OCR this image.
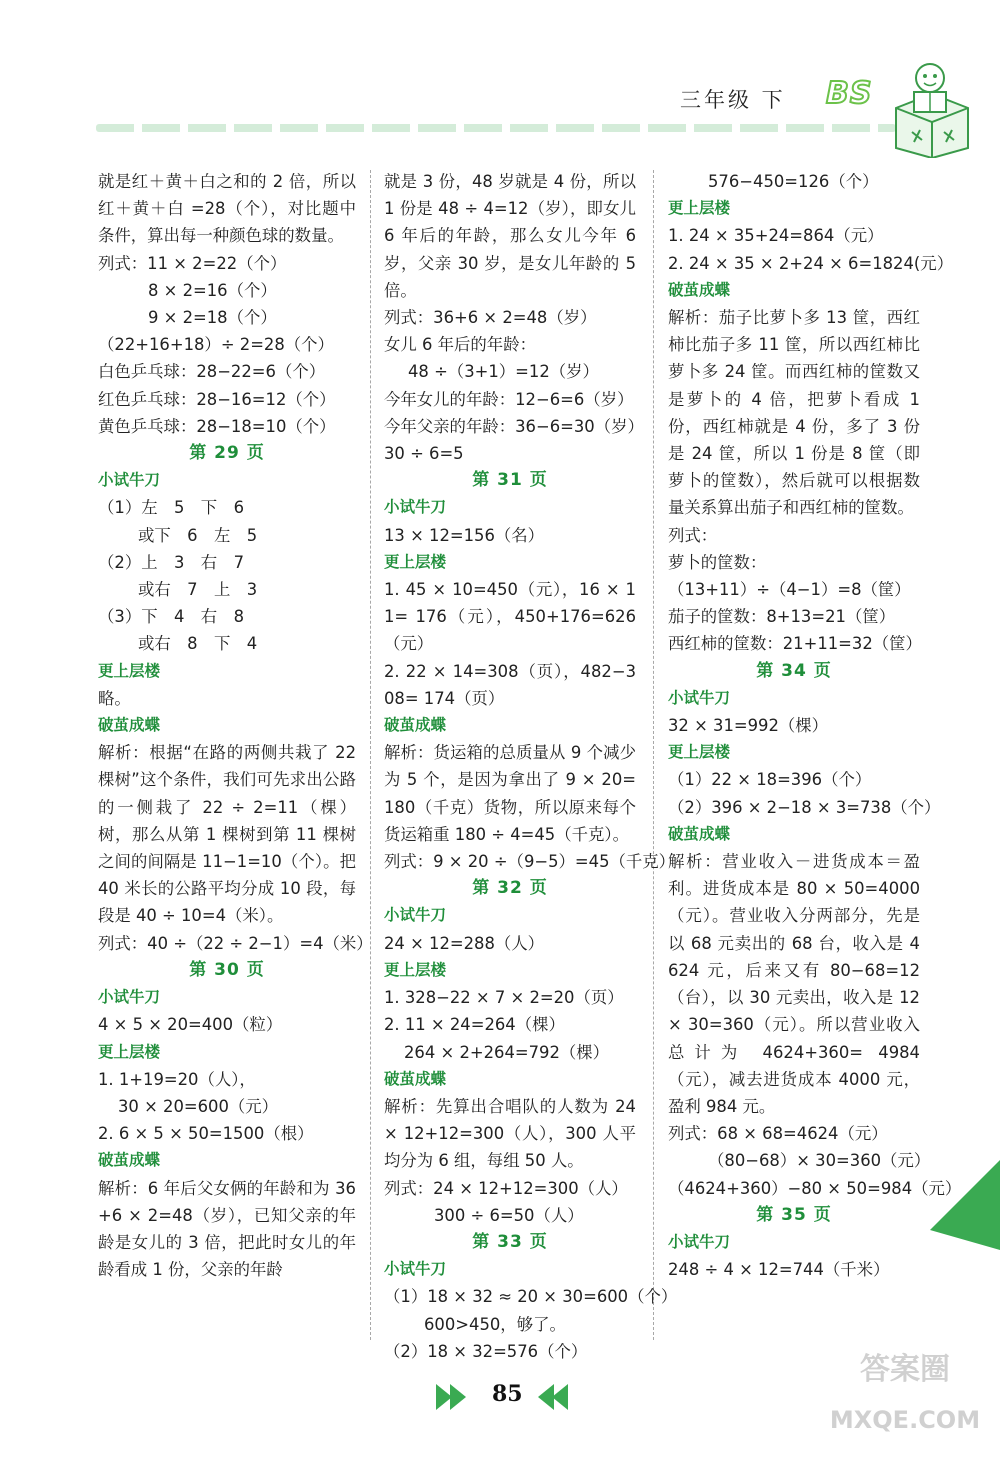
三年级 下 BS
就是红＋黄＋白之和的 2 倍，所以红＋黄＋白 =28（个），对比题中条件，算出每一种颜色球的数量。
列式：11 × 2=22（个）
8 × 2=16（个）
9 × 2=18（个）
（22+16+18）÷ 2=28（个）
白色乒乓球：28−22=6（个）
红色乒乓球：28−16=12（个）
黄色乒乓球：28−18=10（个）
第 29 页
小试牛刀
（1）左　5　下　6
或下　6　左　5
（2）上　3　右　7
或右　7　上　3
（3）下　4　右　8
或右　8　下　4
更上层楼
略。
破茧成蝶
解析：根据“在路的两侧共栽了 22 棵树”这个条件，我们可先求出公路的一侧栽了 22 ÷ 2=11（棵）树，那么从第 1 棵树到第 11 棵树之间的间隔是 11−1=10（个）。把 40 米长的公路平均分成 10 段，每段是 40 ÷ 10=4（米）。
列式：40 ÷（22 ÷ 2−1）=4（米）
第 30 页
小试牛刀
4 × 5 × 20=400（粒）
更上层楼
1. 1+19=20（人），
30 × 20=600（元）
2. 6 × 5 × 50=1500（根）
破茧成蝶
解析：6 年后父女俩的年龄和为 36+6 × 2=48（岁），已知父亲的年龄是女儿的 3 倍，把此时女儿的年龄看成 1 份，父亲的年龄
就是 3 份，48 岁就是 4 份，所以 1 份是 48 ÷ 4=12（岁），即女儿 6 年后的年龄，那么女儿今年 6 岁，父亲 30 岁，是女儿年龄的 5 倍。
列式：36+6 × 2=48（岁）
女儿 6 年后的年龄：
48 ÷（3+1）=12（岁）
今年女儿的年龄：12−6=6（岁）
今年父亲的年龄：36−6=30（岁）
30 ÷ 6=5
第 31 页
小试牛刀
13 × 12=156（名）
更上层楼
1. 45 × 10=450（元），16 × 11= 176（元），450+176=626（元）
2. 22 × 14=308（页），482−308= 174（页）
破茧成蝶
解析：货运箱的总质量从 9 个减少为 5 个，是因为拿出了 9 × 20= 180（千克）货物，所以原来每个货运箱重 180 ÷ 4=45（千克）。
列式：9 × 20 ÷（9−5）=45（千克）
第 32 页
小试牛刀
24 × 12=288（人）
更上层楼
1. 328−22 × 7 × 2=20（页）
2. 11 × 24=264（棵）
264 × 2+264=792（棵）
破茧成蝶
解析：先算出合唱队的人数为 24 × 12+12=300（人），300 人平均分为 6 组，每组 50 人。
列式：24 × 12+12=300（人）
300 ÷ 6=50（人）
第 33 页
小试牛刀
（1）18 × 32 ≈ 20 × 30=600（个）
600>450，够了。
（2）18 × 32=576（个）
576−450=126（个）
更上层楼
1. 24 × 35+24=864（元）
2. 24 × 35 × 2+24 × 6=1824(元）
破茧成蝶
解析：茄子比萝卜多 13 筐，西红柿比茄子多 11 筐，所以西红柿比萝卜多 24 筐。而西红柿的筐数又是萝卜的 4 倍，把萝卜看成 1 份，西红柿就是 4 份，多了 3 份是 24 筐，所以 1 份是 8 筐（即萝卜的筐数），然后就可以根据数量关系算出茄子和西红柿的筐数。
列式：
萝卜的筐数：
（13+11）÷（4−1）=8（筐）
茄子的筐数：8+13=21（筐）
西红柿的筐数：21+11=32（筐）
第 34 页
小试牛刀
32 × 31=992（棵）
更上层楼
（1）22 × 18=396（个）
（2）396 × 2−18 × 3=738（个）
破茧成蝶
解析：营业收入－进货成本＝盈利。进货成本是 80 × 50=4000（元）。营业收入分两部分，先是以 68 元卖出的 68 台，收入是 4624 元，后来又有 80−68=12（台），以 30 元卖出，收入是 12 × 30=360（元）。所以营业收入总计为 4624+360= 4984（元），减去进货成本 4000 元，盈利 984 元。
列式：68 × 68=4624（元）
（80−68）× 30=360（元）
（4624+360）−80 × 50=984（元）
第 35 页
小试牛刀
248 ÷ 4 × 12=744（千米）
85
答案圈
MXQE.COM
